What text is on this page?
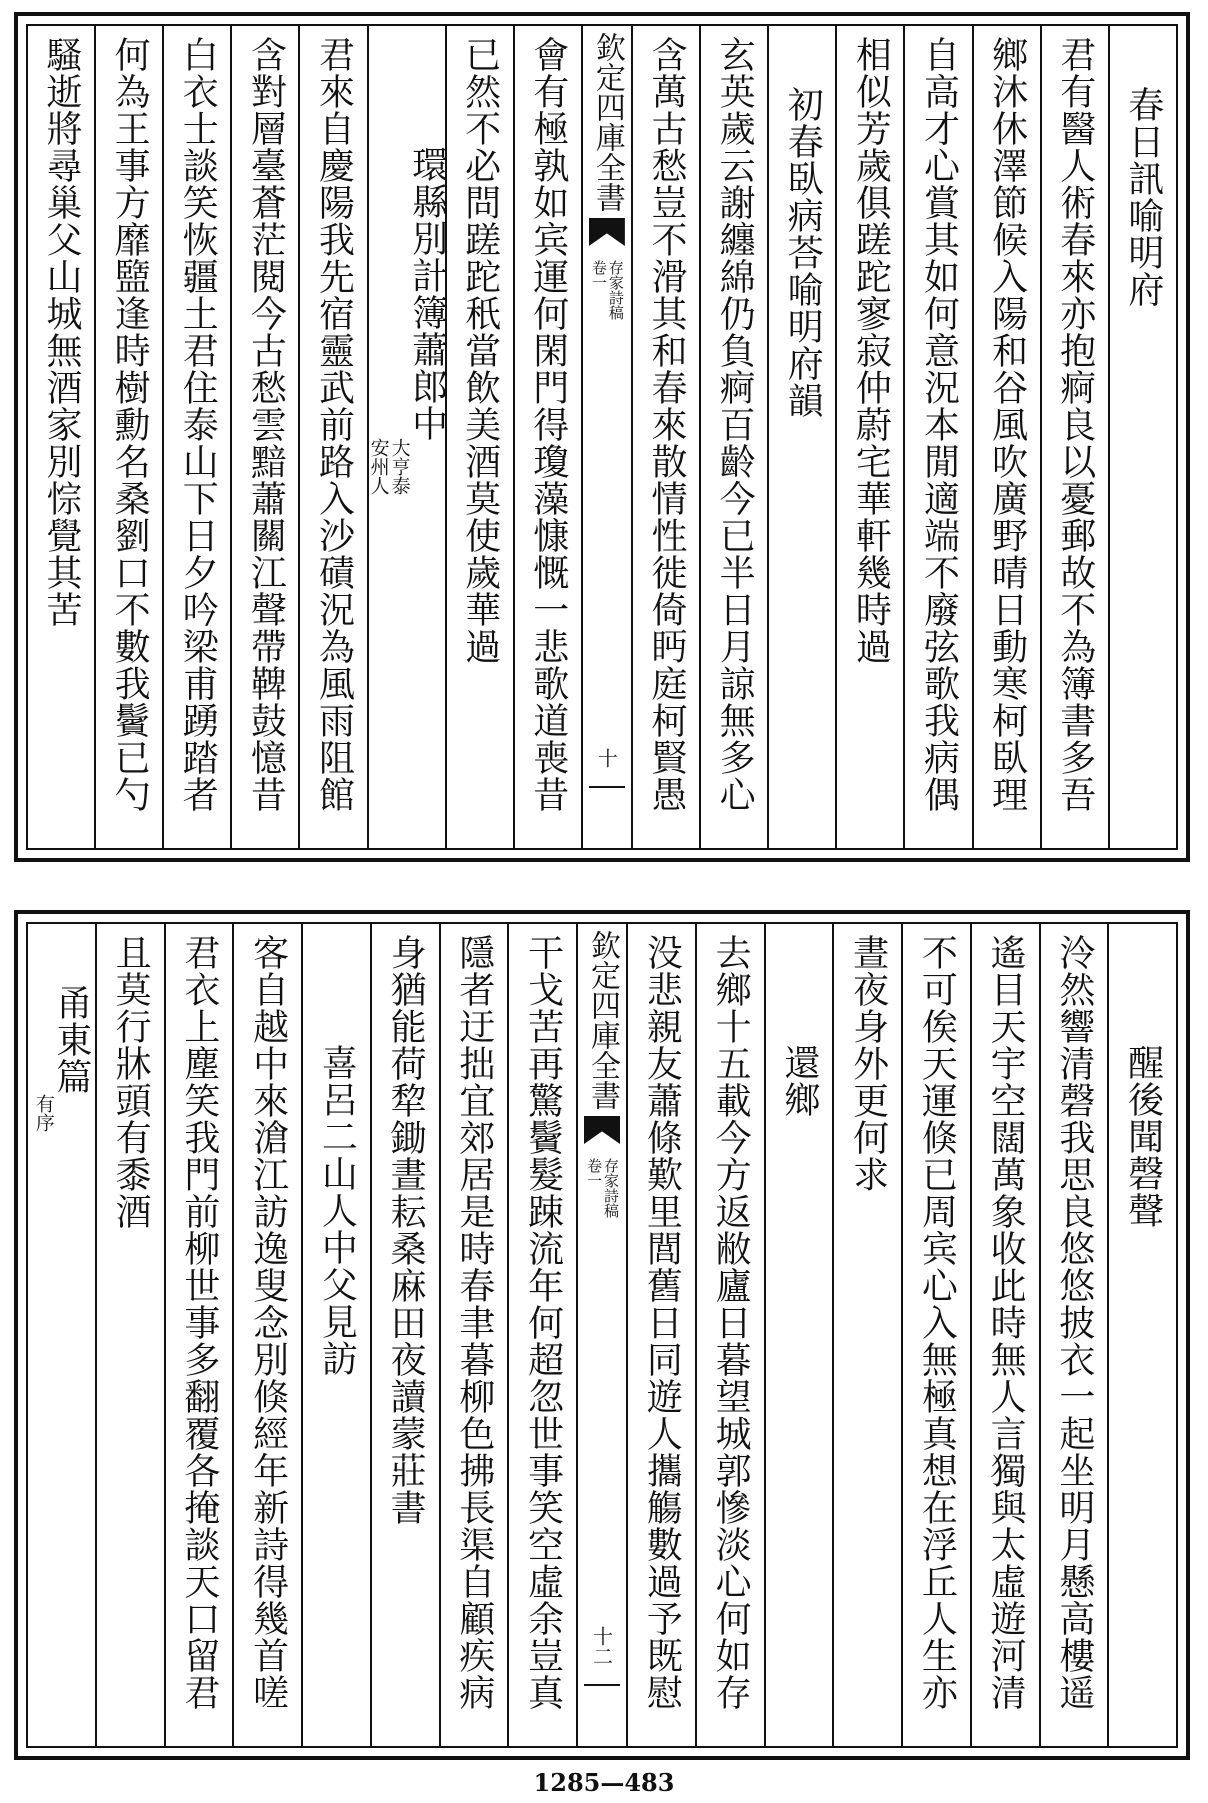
春日訊喻明府
君有醫人術春來亦抱痾良以憂郵故不為簿書多吾
鄉沐休澤節候入陽和谷風吹廣野晴日動寒柯臥理
自高才心賞其如何意況本閒適端不廢弦歌我病偶
相似芳歲俱蹉跎寥寂仲蔚宅華軒幾時過
初春臥病荅喻明府韻
玄英歲云謝纏綿仍負痾百齡今已半日月諒無多心
含萬古愁豈不滑其和春來散情性徙倚眄庭柯賢愚
欽定四庫全書
存家詩稿
卷一
十
會有極孰如宾運何閑門得瓊藻慷慨一悲歌道喪昔
已然不必問蹉跎秖當飲美酒莫使歲華過
環縣別計簿蕭郎中
大亨泰
安州人
君來自慶陽我先宿靈武前路入沙磧況為風雨阻館
含對層臺蒼茫閱今古愁雲黯蕭關江聲帶鞞鼓憶昔
白衣士談笑恢疆土君住泰山下日夕吟梁甫踴踏者
何為王事方靡盬逢時樹勳名桑劉口不數我鬢已勺
騷逝將尋巢父山城無酒家別悰覺其苦
醒後聞磬聲
泠然響清磬我思良悠悠披衣一起坐明月懸高樓遥
遙目天宇空闊萬象收此時無人言獨與太虛遊河清
不可俟天運倏已周宾心入無極真想在浮丘人生亦
晝夜身外更何求
還鄉
去鄉十五載今方返敝廬日暮望城郭慘淡心何如存
没悲親友蕭條歎里閭舊日同遊人攜觴數過予既慰
欽定四庫全書
存家詩稿
卷一
十二
干戈苦再驚鬢髮踈流年何超忽世事笑空虛余豈真
隱者迂拙宜郊居是時春聿暮柳色拂長渠自顧疾病
身猶能荷犂鋤晝耘桑麻田夜讀蒙莊書
喜呂二山人中父見訪
客自越中來滄江訪逸叟念別倏經年新詩得幾首嗟
君衣上塵笑我門前柳世事多翻覆各掩談天口留君
且莫行牀頭有黍酒
甬東篇
有序
1285—483
